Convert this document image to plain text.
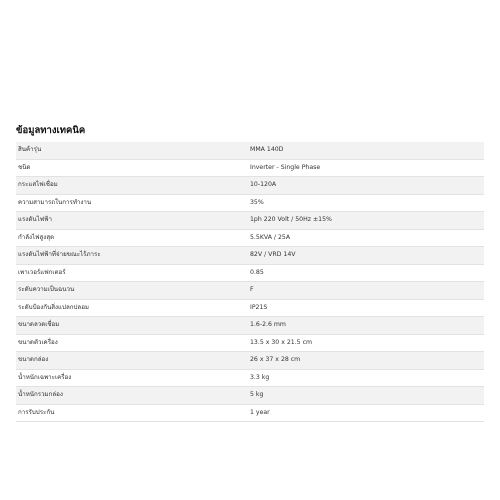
ข้อมูลทางเทคนิค
สินค้ารุ่น	MMA 140D
ชนิด	Inverter - Single Phase
กระแสไฟเชื่อม	10-120A
ความสามารถในการทำงาน	35%
แรงดันไฟฟ้า	1ph 220 Volt / 50Hz ±15%
กำลังไฟสูงสุด	5.5KVA / 25A
แรงดันไฟฟ้าที่จ่ายขณะไร้ภาระ	82V / VRD 14V
เพาเวอร์แฟกเตอร์	0.85
ระดับความเป็นฉนวน	F
ระดับป้องกันสิ่งแปลกปลอม	IP21S
ขนาดลวดเชื่อม	1.6-2.6 mm
ขนาดตัวเครื่อง	13.5 x 30 x 21.5 cm
ขนาดกล่อง	26 x 37 x 28 cm
น้ำหนักเฉพาะเครื่อง	3.3 kg
น้ำหนักรวมกล่อง	5 kg
การรับประกัน	1 year
